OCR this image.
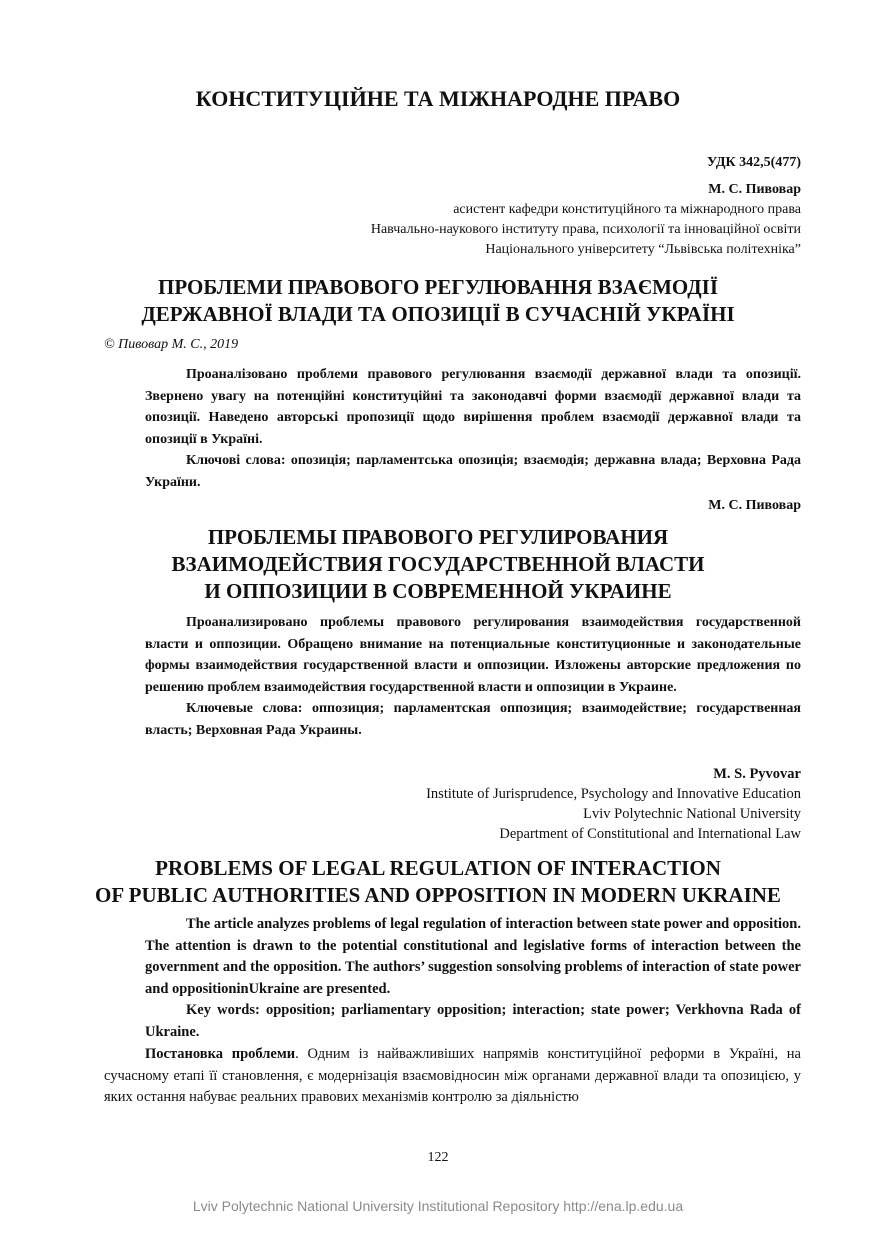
КОНСТИТУЦІЙНЕ ТА МІЖНАРОДНЕ ПРАВО
УДК 342,5(477)
М. С. Пивовар
асистент кафедри конституційного та міжнародного права
Навчально-наукового інституту права, психології та інноваційної освіти
Національного університету “Львівська політехніка”
ПРОБЛЕМИ ПРАВОВОГО РЕГУЛЮВАННЯ ВЗАЄМОДІЇ
ДЕРЖАВНОЇ ВЛАДИ ТА ОПОЗИЦІЇ В СУЧАСНІЙ УКРАЇНІ
© Пивовар М. С., 2019

Проаналізовано проблеми правового регулювання взаємодії державної влади та опозиції. Звернено увагу на потенційні конституційні та законодавчі форми взаємодії державної влади та опозиції. Наведено авторські пропозиції щодо вирішення проблем взаємодії державної влади та опозиції в Україні.

Ключові слова: опозиція; парламентська опозиція; взаємодія; державна влада; Верховна Рада України.

М. С. Пивовар
ПРОБЛЕМЫ ПРАВОВОГО РЕГУЛИРОВАНИЯ
ВЗАИМОДЕЙСТВИЯ ГОСУДАРСТВЕННОЙ ВЛАСТИ
И ОППОЗИЦИИ В СОВРЕМЕННОЙ УКРАИНЕ

Проанализировано проблемы правового регулирования взаимодействия государственной власти и оппозиции. Обращено внимание на потенциальные конституционные и законодательные формы взаимодействия государственной власти и оппозиции. Изложены авторские предложения по решению проблем взаимодействия государственной власти и оппозиции в Украине.

Ключевые слова: оппозиция; парламентская оппозиция; взаимодействие; государственная власть; Верховная Рада Украины.

M. S. Pyvovar
Institute of Jurisprudence, Psychology and Innovative Education
Lviv Polytechnic National University
Department of Constitutional and International Law
PROBLEMS OF LEGAL REGULATION OF INTERACTION
OF PUBLIC AUTHORITIES AND OPPOSITION IN MODERN UKRAINE

The article analyzes problems of legal regulation of interaction between state power and opposition. The attention is drawn to the potential constitutional and legislative forms of interaction between the government and the opposition. The authors’ suggestion sonsolving problems of interaction of state power and oppositioninUkraine are presented.

Key words: opposition; parliamentary opposition; interaction; state power; Verkhovna Rada of Ukraine.

Постановка проблеми. Одним із найважливіших напрямів конституційної реформи в Україні, на сучасному етапі її становлення, є модернізація взаємовідносин між органами державної влади та опозицією, у яких остання набуває реальних правових механізмів контролю за діяльністю

122
Lviv Polytechnic National University Institutional Repository http://ena.lp.edu.ua
